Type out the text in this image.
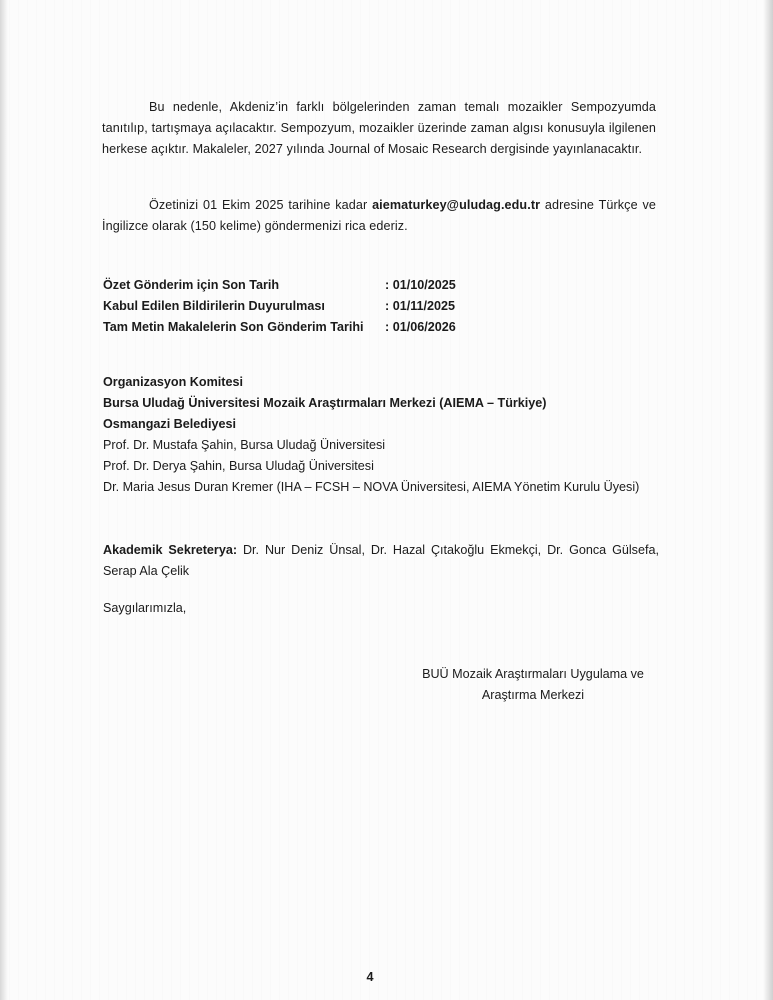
Bu nedenle, Akdeniz’in farklı bölgelerinden zaman temalı mozaikler Sempozyumda tanıtılıp, tartışmaya açılacaktır. Sempozyum, mozaikler üzerinde zaman algısı konusuyla ilgilenen herkese açıktır. Makaleler, 2027 yılında Journal of Mosaic Research dergisinde yayınlanacaktır.

Özetinizi 01 Ekim 2025 tarihine kadar aiematurkey@uludag.edu.tr adresine Türkçe ve İngilizce olarak (150 kelime) göndermenizi rica ederiz.

Özet Gönderim için Son Tarih	: 01/10/2025
Kabul Edilen Bildirilerin Duyurulması	: 01/11/2025
Tam Metin Makalelerin Son Gönderim Tarihi	: 01/06/2026
Organizasyon Komitesi
Bursa Uludağ Üniversitesi Mozaik Araştırmaları Merkezi (AIEMA – Türkiye)
Osmangazi Belediyesi
Prof. Dr. Mustafa Şahin, Bursa Uludağ Üniversitesi
Prof. Dr. Derya Şahin, Bursa Uludağ Üniversitesi
Dr. Maria Jesus Duran Kremer (IHA – FCSH – NOVA Üniversitesi, AIEMA Yönetim Kurulu Üyesi)

Akademik Sekreterya: Dr. Nur Deniz Ünsal, Dr. Hazal Çıtakoğlu Ekmekçi, Dr. Gonca Gülsefa, Serap Ala Çelik

Saygılarımızla,
BUÜ Mozaik Araştırmaları Uygulama ve
Araştırma Merkezi
4
